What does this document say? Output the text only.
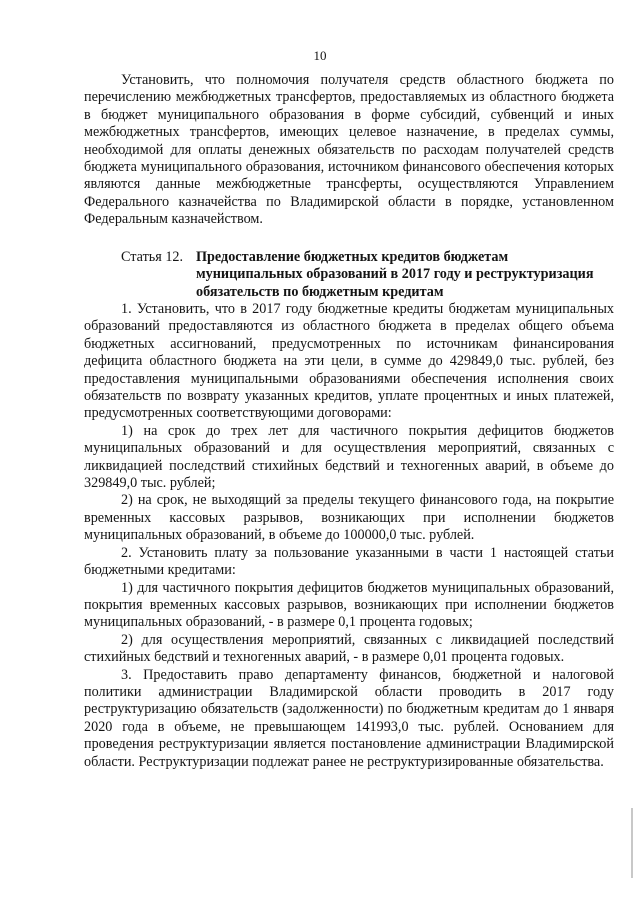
10

Установить, что полномочия получателя средств областного бюджета по перечислению межбюджетных трансфертов, предоставляемых из областного бюджета в бюджет муниципального образования в форме субсидий, субвенций и иных межбюджетных трансфертов, имеющих целевое назначение, в пределах суммы, необходимой для оплаты денежных обязательств по расходам получателей средств бюджета муниципального образования, источником финансового обеспечения которых являются данные межбюджетные трансферты, осуществляются Управлением Федерального казначейства по Владимирской области в порядке, установленном Федеральным казначейством.

Статья 12. Предоставление бюджетных кредитов бюджетам муниципальных образований в 2017 году и реструктуризация обязательств по бюджетным кредитам

1. Установить, что в 2017 году бюджетные кредиты бюджетам муниципальных образований предоставляются из областного бюджета в пределах общего объема бюджетных ассигнований, предусмотренных по источникам финансирования дефицита областного бюджета на эти цели, в сумме до 429849,0 тыс. рублей, без предоставления муниципальными образованиями обеспечения исполнения своих обязательств по возврату указанных кредитов, уплате процентных и иных платежей, предусмотренных соответствующими договорами:

1) на срок до трех лет для частичного покрытия дефицитов бюджетов муниципальных образований и для осуществления мероприятий, связанных с ликвидацией последствий стихийных бедствий и техногенных аварий, в объеме до 329849,0 тыс. рублей;

2) на срок, не выходящий за пределы текущего финансового года, на покрытие временных кассовых разрывов, возникающих при исполнении бюджетов муниципальных образований, в объеме до 100000,0 тыс. рублей.

2. Установить плату за пользование указанными в части 1 настоящей статьи бюджетными кредитами:

1) для частичного покрытия дефицитов бюджетов муниципальных образований, покрытия временных кассовых разрывов, возникающих при исполнении бюджетов муниципальных образований, - в размере 0,1 процента годовых;

2) для осуществления мероприятий, связанных с ликвидацией последствий стихийных бедствий и техногенных аварий, - в размере 0,01 процента годовых.

3. Предоставить право департаменту финансов, бюджетной и налоговой политики администрации Владимирской области проводить в 2017 году реструктуризацию обязательств (задолженности) по бюджетным кредитам до 1 января 2020 года в объеме, не превышающем 141993,0 тыс. рублей. Основанием для проведения реструктуризации является постановление администрации Владимирской области. Реструктуризации подлежат ранее не реструктуризированные обязательства.
